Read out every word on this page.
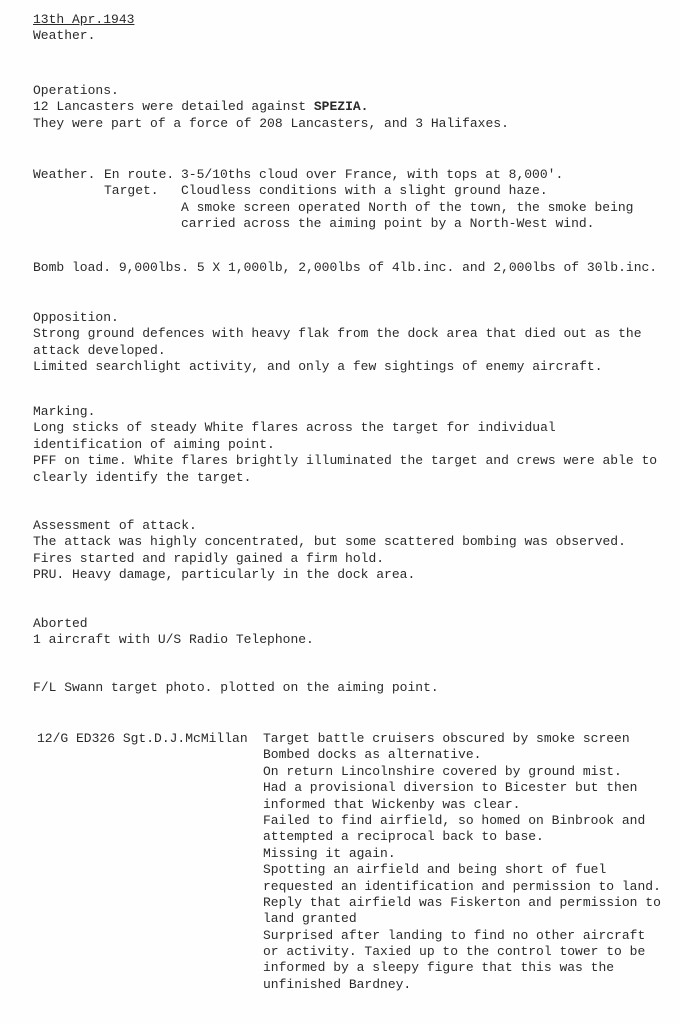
13th Apr.1943
Weather.
Operations.
12 Lancasters were detailed against SPEZIA.
They were part of a force of 208 Lancasters, and 3 Halifaxes.
Weather. En route. 3-5/10ths cloud over France, with tops at 8,000'.
Target. Cloudless conditions with a slight ground haze.
A smoke screen operated North of the town, the smoke being
carried across the aiming point by a North-West wind.
Bomb load. 9,000lbs. 5 X 1,000lb, 2,000lbs of 4lb.inc. and 2,000lbs of 30lb.inc.
Opposition.
Strong ground defences with heavy flak from the dock area that died out as the
attack developed.
Limited searchlight activity, and only a few sightings of enemy aircraft.
Marking.
Long sticks of steady White flares across the target for individual
identification of aiming point.
PFF on time. White flares brightly illuminated the target and crews were able to
clearly identify the target.
Assessment of attack.
The attack was highly concentrated, but some scattered bombing was observed.
Fires started and rapidly gained a firm hold.
PRU. Heavy damage, particularly in the dock area.
Aborted
1 aircraft with U/S Radio Telephone.
F/L Swann target photo. plotted on the aiming point.
12/G ED326 Sgt.D.J.McMillan Target battle cruisers obscured by smoke screen
Bombed docks as alternative.
On return Lincolnshire covered by ground mist.
Had a provisional diversion to Bicester but then
informed that Wickenby was clear.
Failed to find airfield, so homed on Binbrook and
attempted a reciprocal back to base.
Missing it again.
Spotting an airfield and being short of fuel
requested an identification and permission to land.
Reply that airfield was Fiskerton and permission to
land granted
Surprised after landing to find no other aircraft
or activity. Taxied up to the control tower to be
informed by a sleepy figure that this was the
unfinished Bardney.
